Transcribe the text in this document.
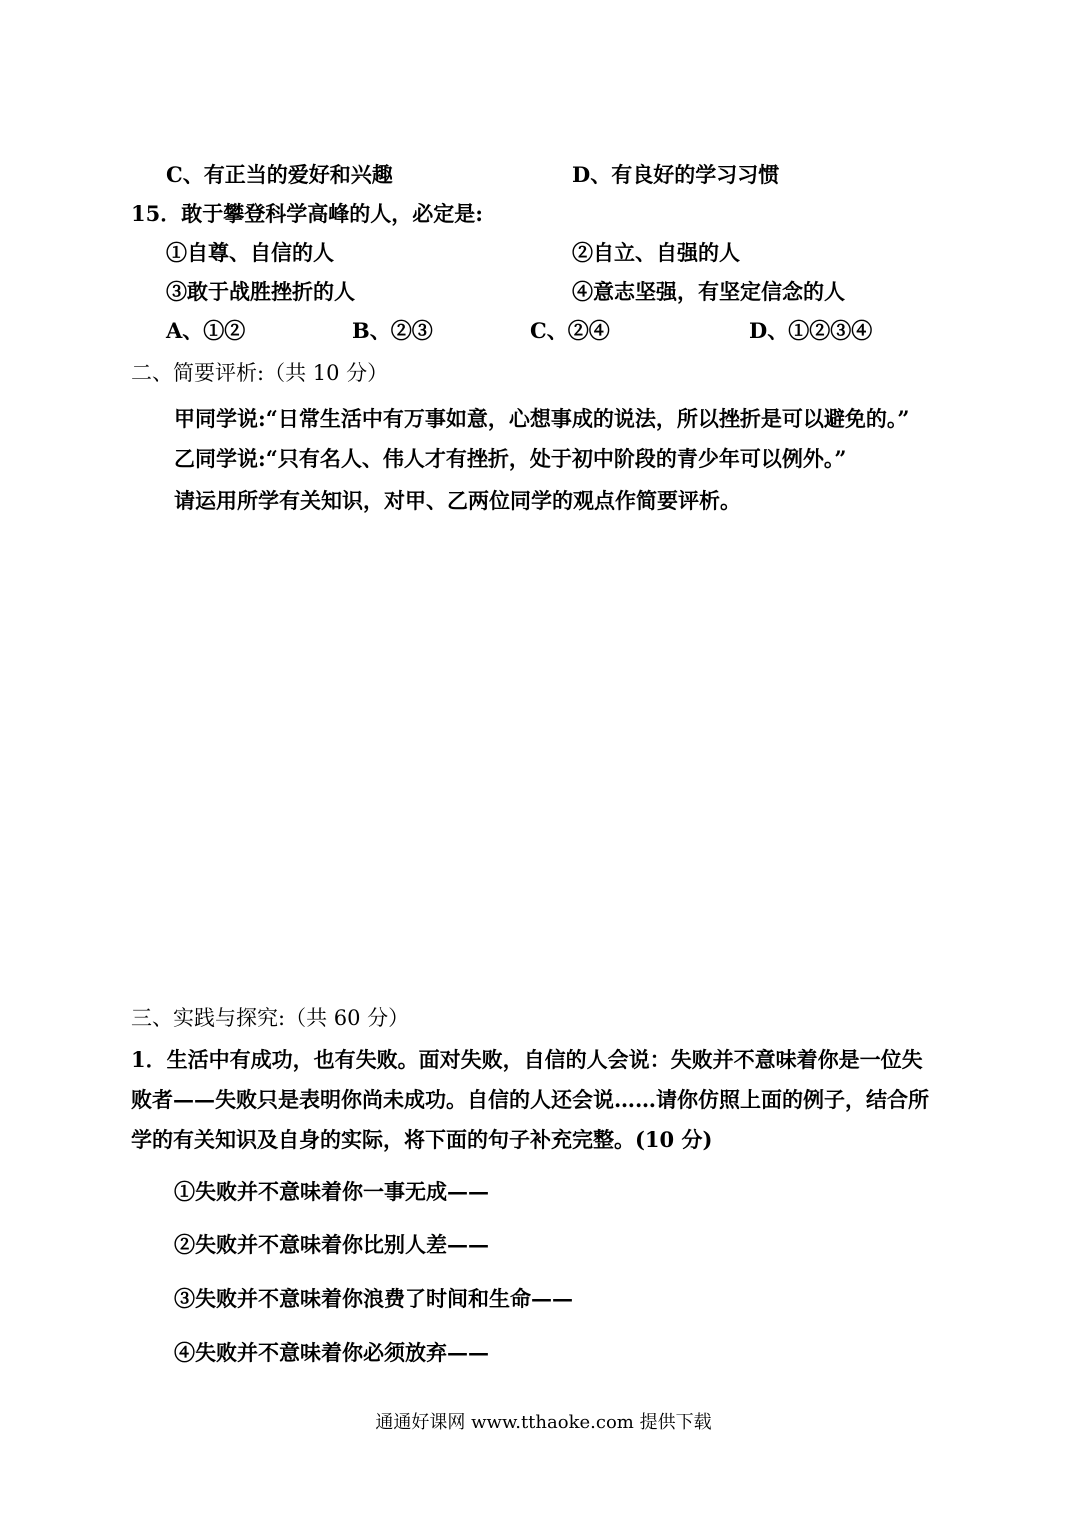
C、有正当的爱好和兴趣	D、有良好的学习习惯
15．敢于攀登科学高峰的人，必定是:
①自尊、自信的人	②自立、自强的人
③敢于战胜挫折的人	④意志坚强，有坚定信念的人
A、①②	B、②③	C、②④	D、①②③④
二、简要评析:（共 10 分）
甲同学说:“日常生活中有万事如意，心想事成的说法，所以挫折是可以避免的。”
乙同学说:“只有名人、伟人才有挫折，处于初中阶段的青少年可以例外。”
请运用所学有关知识，对甲、乙两位同学的观点作简要评析。
三、实践与探究:（共 60 分）
1．生活中有成功，也有失败。面对失败，自信的人会说：失败并不意味着你是一位失
败者——失败只是表明你尚未成功。自信的人还会说……请你仿照上面的例子，结合所
学的有关知识及自身的实际，将下面的句子补充完整。(10 分)
①失败并不意味着你一事无成——
②失败并不意味着你比别人差——
③失败并不意味着你浪费了时间和生命——
④失败并不意味着你必须放弃——
通通好课网 www.tthaoke.com 提供下载
